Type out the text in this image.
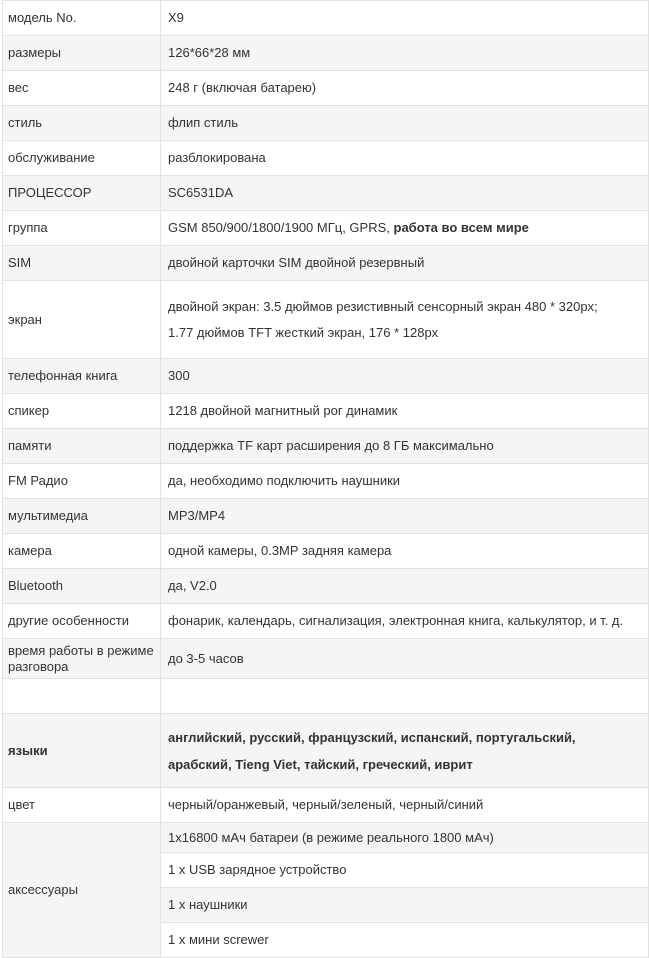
модель No.	X9
размеры	126*66*28 мм
вес	248 г (включая батарею)
стиль	флип стиль
обслуживание	разблокирована
ПРОЦЕССОР	SC6531DA
группа	GSM 850/900/1800/1900 МГц, GPRS, работа во всем мире
SIM	двойной карточки SIM двойной резервный
экран	двойной экран: 3.5 дюймов резистивный сенсорный экран 480 * 320px;
1.77 дюймов TFT жесткий экран, 176 * 128px

телефонная книга	300
спикер	1218 двойной магнитный рог динамик
памяти	поддержка TF карт расширения до 8 ГБ максимально
FM Радио	да, необходимо подключить наушники
мультимедиа	MP3/MP4
камера	одной камеры, 0.3MP задняя камера
Bluetooth	да, V2.0
другие особенности	фонарик, календарь, сигнализация, электронная книга, калькулятор, и т. д.
время работы в режиме разговора	до 3-5 часов

языки	английский, русский, французский, испанский, португальский,
арабский, Tieng Viet, тайский, греческий, иврит

цвет	черный/оранжевый, черный/зеленый, черный/синий
аксессуары	1x16800 мАч батареи (в режиме реального 1800 мАч)
	1 x USB зарядное устройство
	1 x наушники
	1 x мини screwer
